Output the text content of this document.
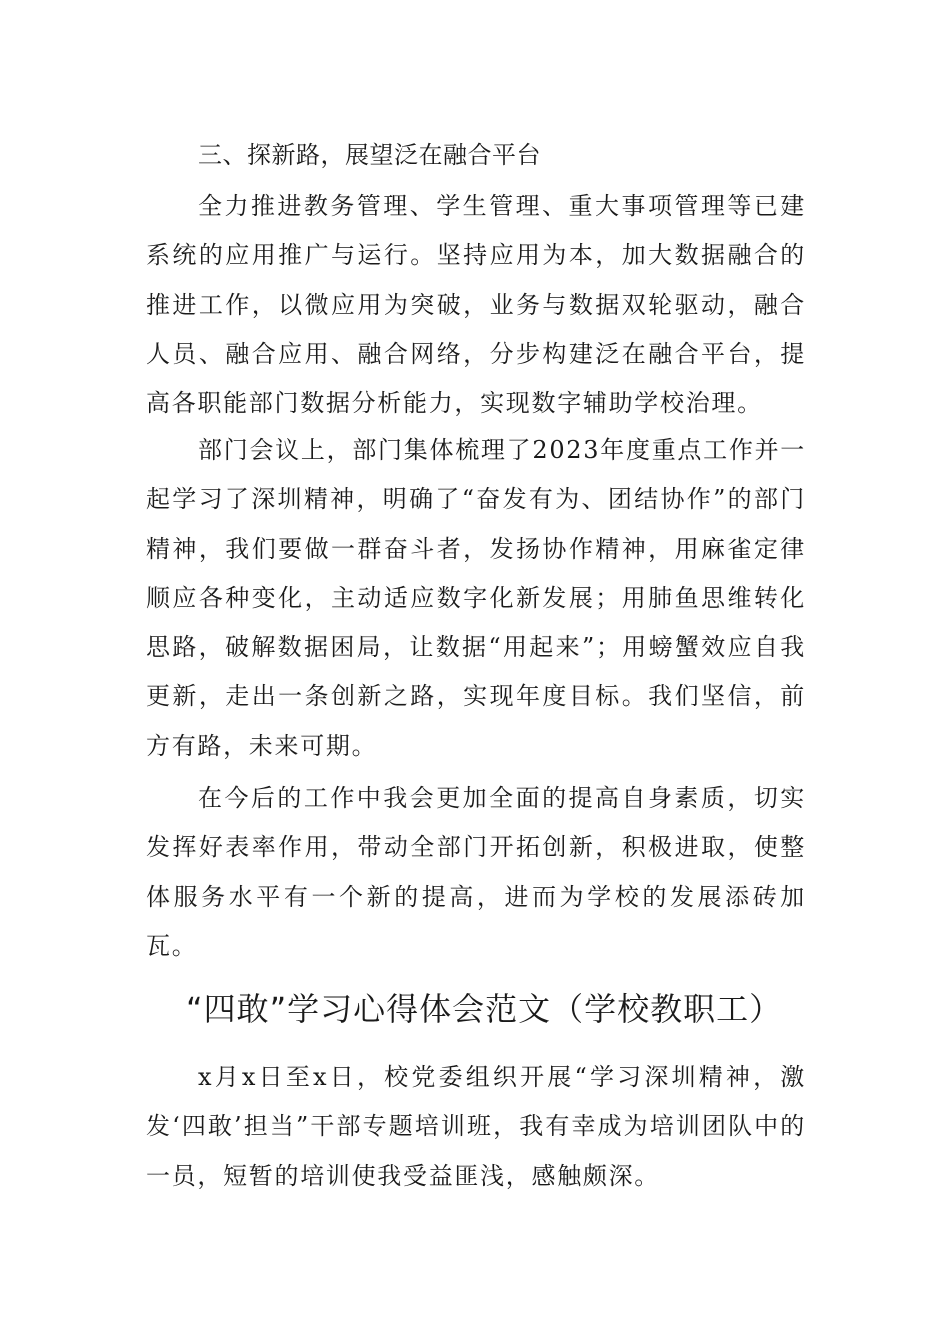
三、探新路，展望泛在融合平台

全力推进教务管理、学生管理、重大事项管理等已建系统的应用推广与运行。坚持应用为本，加大数据融合的推进工作，以微应用为突破，业务与数据双轮驱动，融合人员、融合应用、融合网络，分步构建泛在融合平台，提高各职能部门数据分析能力，实现数字辅助学校治理。

部门会议上，部门集体梳理了2023年度重点工作并一起学习了深圳精神，明确了“奋发有为、团结协作”的部门精神，我们要做一群奋斗者，发扬协作精神，用麻雀定律顺应各种变化，主动适应数字化新发展；用肺鱼思维转化思路，破解数据困局，让数据“用起来”；用螃蟹效应自我更新，走出一条创新之路，实现年度目标。我们坚信，前方有路，未来可期。

在今后的工作中我会更加全面的提高自身素质，切实发挥好表率作用，带动全部门开拓创新，积极进取，使整体服务水平有一个新的提高，进而为学校的发展添砖加瓦。

“四敢”学习心得体会范文（学校教职工）

x月x日至x日，校党委组织开展“学习深圳精神，激发‘四敢’担当”干部专题培训班，我有幸成为培训团队中的一员，短暂的培训使我受益匪浅，感触颇深。
